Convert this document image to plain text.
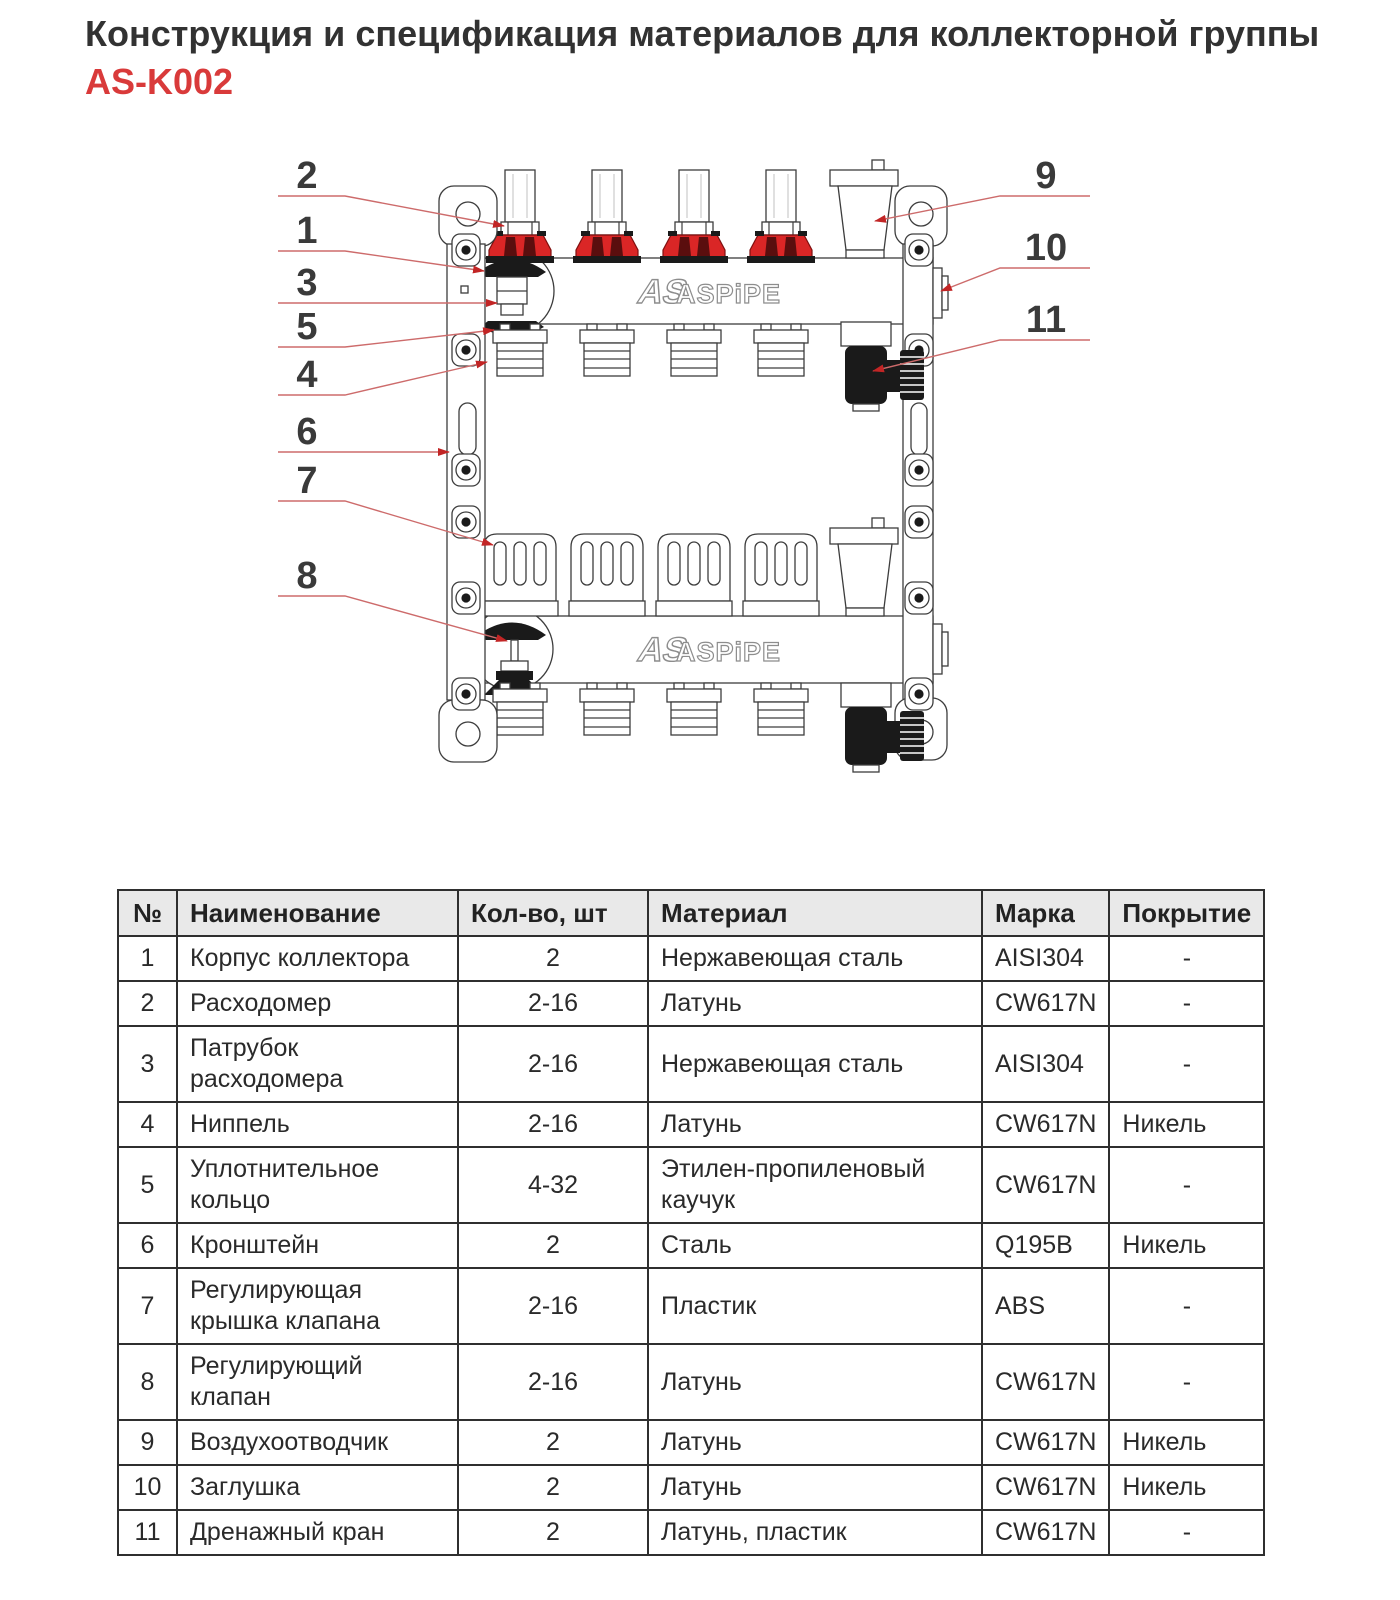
Конструкция и спецификация материалов для коллекторной группы AS-K002
AS
ASPiPE
AS
ASPiPE
2
1
3
5
4
6
7
8
9
10
11
№	Наименование	Кол-во, шт	Материал	Марка	Покрытие
1	Корпус коллектора	2	Нержавеющая сталь	AISI304	-
2	Расходомер	2-16	Латунь	CW617N	-
3	Патрубок расходомера	2-16	Нержавеющая сталь	AISI304	-
4	Ниппель	2-16	Латунь	CW617N	Никель
5	Уплотнительное кольцо	4-32	Этилен-пропиленовый каучук	CW617N	-
6	Кронштейн	2	Сталь	Q195B	Никель
7	Регулирующая крышка клапана	2-16	Пластик	ABS	-
8	Регулирующий клапан	2-16	Латунь	CW617N	-
9	Воздухоотводчик	2	Латунь	CW617N	Никель
10	Заглушка	2	Латунь	CW617N	Никель
11	Дренажный кран	2	Латунь, пластик	CW617N	-
